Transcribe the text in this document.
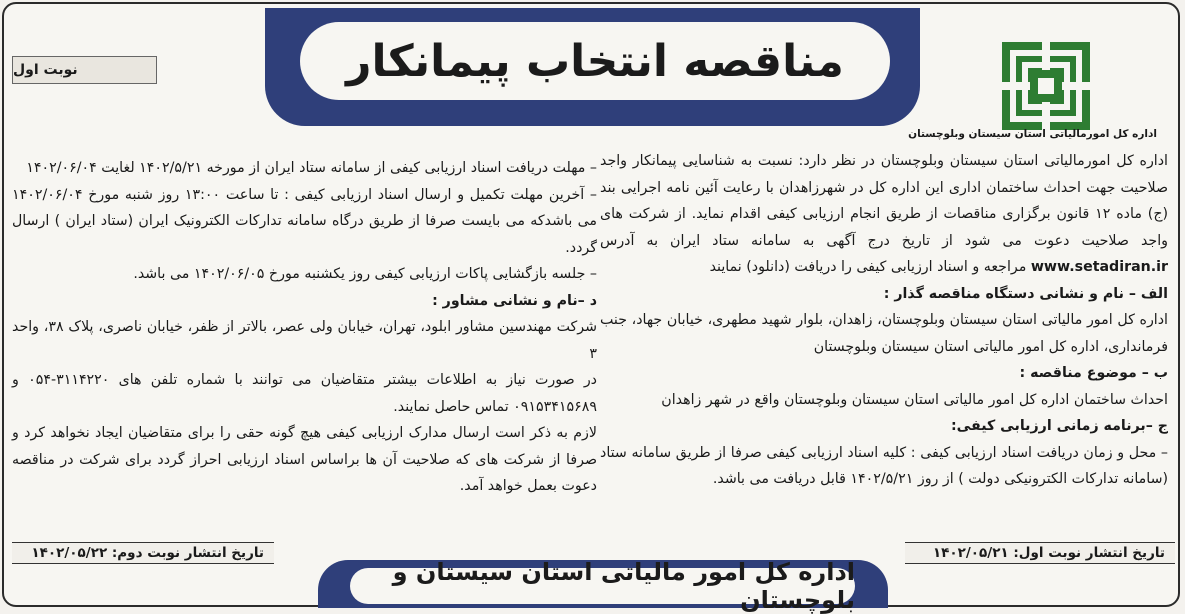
مناقصه انتخاب پیمانکار
نوبت اول
اداره کل امورمالیاتی استان سیستان وبلوچستان

اداره کل امورمالیاتی استان سیستان وبلوچستان در نظر دارد: نسبت به شناسایی پیمانکار واجد صلاحیت جهت احداث ساختمان اداری این اداره کل در شهرزاهدان با رعایت آئین نامه اجرایی بند (ج) ماده ۱۲ قانون برگزاری مناقصات از طریق انجام ارزیابی کیفی اقدام نماید. از شرکت های واجد صلاحیت دعوت می شود از تاریخ درج آگهی به سامانه ستاد ایران به آدرس www.setadiran.ir مراجعه و اسناد ارزیابی کیفی را دریافت (دانلود) نمایند

الف – نام و نشانی دستگاه مناقصه گذار :

اداره کل امور مالیاتی استان سیستان وبلوچستان، زاهدان، بلوار شهید مطهری، خیابان جهاد، جنب فرمانداری، اداره کل امور مالیاتی استان سیستان وبلوچستان

ب – موضوع مناقصه :

احداث ساختمان اداره کل امور مالیاتی استان سیستان وبلوچستان واقع در شهر زاهدان

ج –برنامه زمانی ارزیابی کیفی:

– محل و زمان دریافت اسناد ارزیابی کیفی : کلیه اسناد ارزیابی کیفی صرفا از طریق سامانه ستاد (سامانه تدارکات الکترونیکی دولت ) از روز ۱۴۰۲/۵/۲۱ قابل دریافت می باشد.

– مهلت دریافت اسناد ارزیابی کیفی از سامانه ستاد ایران از مورخه ۱۴۰۲/۵/۲۱ لغایت ۱۴۰۲/۰۶/۰۴

– آخرین مهلت تکمیل و ارسال اسناد ارزیابی کیفی : تا ساعت ۱۳:۰۰ روز شنبه مورخ ۱۴۰۲/۰۶/۰۴ می باشدکه می بایست صرفا از طریق درگاه سامانه تدارکات الکترونیک ایران (ستاد ایران ) ارسال گردد.

– جلسه بازگشایی پاکات ارزیابی کیفی روز یکشنبه مورخ ۱۴۰۲/۰۶/۰۵ می باشد.

د –نام و نشانی مشاور :

شرکت مهندسین مشاور ابلود، تهران، خیابان ولی عصر، بالاتر از ظفر، خیابان ناصری، پلاک ۳۸، واحد ۳

در صورت نیاز به اطلاعات بیشتر متقاضیان می توانند با شماره تلفن های ۳۱۱۴۲۲۰-۰۵۴ و ۰۹۱۵۳۴۱۵۶۸۹ تماس حاصل نمایند.

لازم به ذکر است ارسال مدارک ارزیابی کیفی هیچ گونه حقی را برای متقاضیان ایجاد نخواهد کرد و صرفا از شرکت های که صلاحیت آن ها براساس اسناد ارزیابی احراز گردد برای شرکت در مناقصه دعوت بعمل خواهد آمد.

تاریخ انتشار نوبت اول: ۱۴۰۲/۰۵/۲۱
تاریخ انتشار نوبت دوم: ۱۴۰۲/۰۵/۲۲
اداره کل امور مالیاتی استان سیستان و بلوچستان
